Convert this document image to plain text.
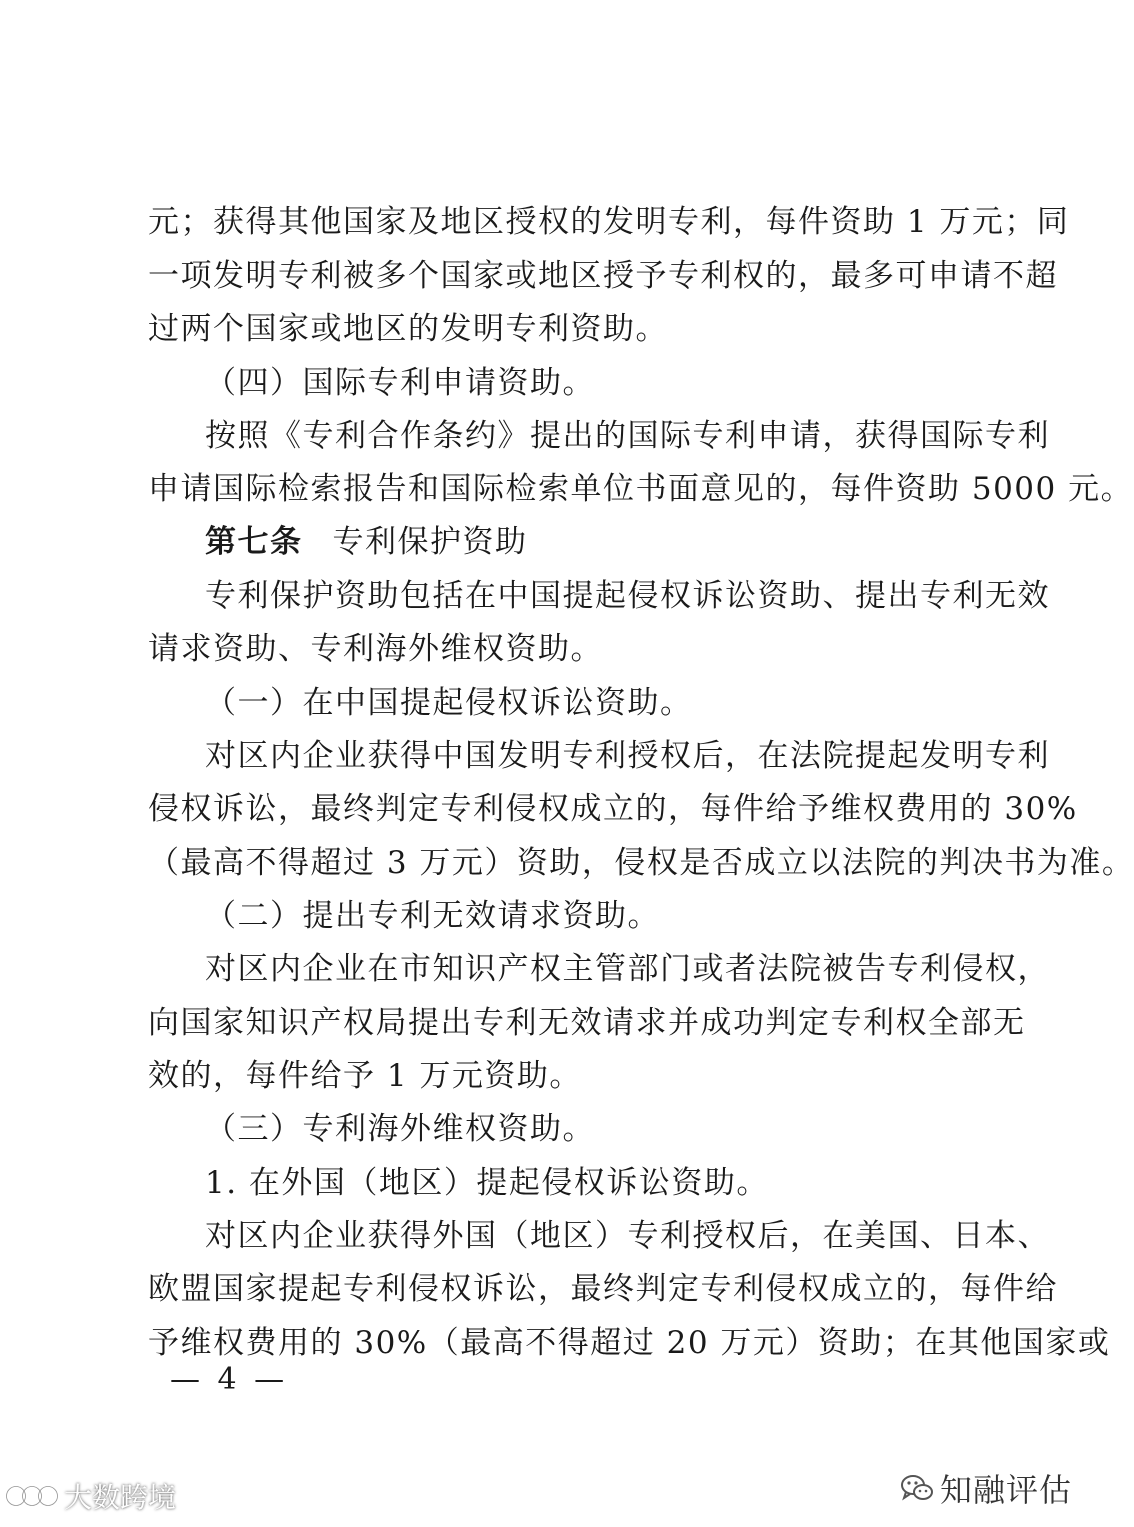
元；获得其他国家及地区授权的发明专利，每件资助 1 万元；同
一项发明专利被多个国家或地区授予专利权的，最多可申请不超
过两个国家或地区的发明专利资助。
（四）国际专利申请资助。
按照《专利合作条约》提出的国际专利申请，获得国际专利
申请国际检索报告和国际检索单位书面意见的，每件资助 5000 元。
第七条 专利保护资助
专利保护资助包括在中国提起侵权诉讼资助、提出专利无效
请求资助、专利海外维权资助。
（一）在中国提起侵权诉讼资助。
对区内企业获得中国发明专利授权后，在法院提起发明专利
侵权诉讼，最终判定专利侵权成立的，每件给予维权费用的 30%
（最高不得超过 3 万元）资助，侵权是否成立以法院的判决书为准。
（二）提出专利无效请求资助。
对区内企业在市知识产权主管部门或者法院被告专利侵权，
向国家知识产权局提出专利无效请求并成功判定专利权全部无
效的，每件给予 1 万元资助。
（三）专利海外维权资助。
1. 在外国（地区）提起侵权诉讼资助。
对区内企业获得外国（地区）专利授权后，在美国、日本、
欧盟国家提起专利侵权诉讼，最终判定专利侵权成立的，每件给
予维权费用的 30%（最高不得超过 20 万元）资助；在其他国家或
— 4 —
大数跨境	知融评估
